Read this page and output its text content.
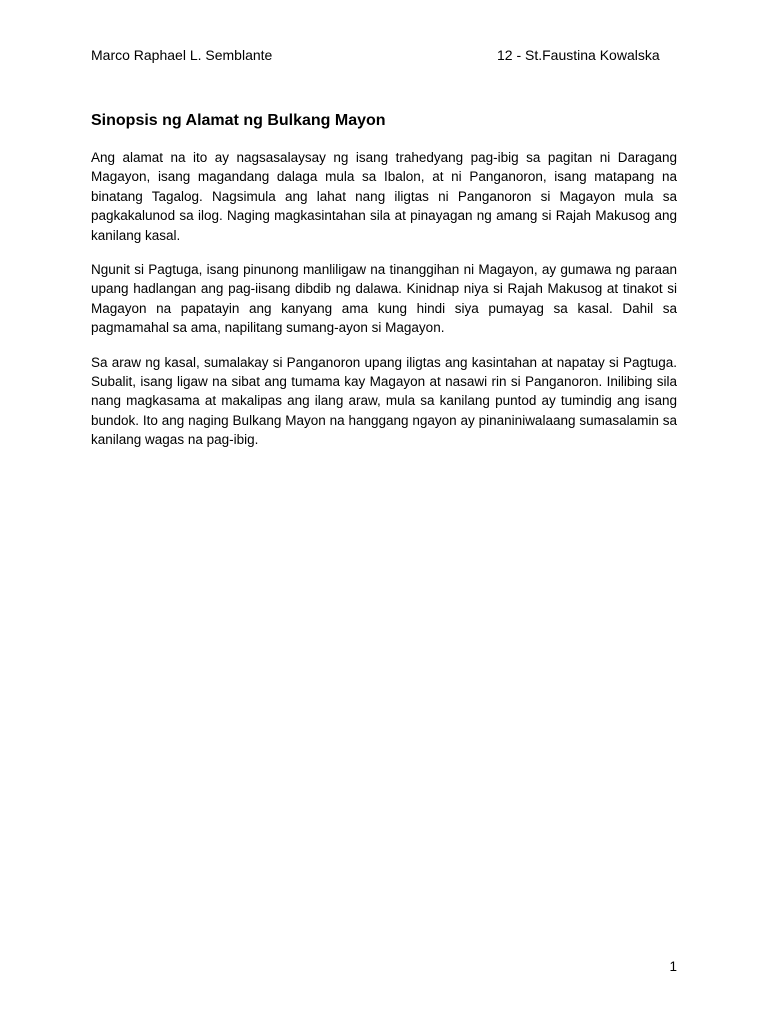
Marco Raphael L. Semblante	12 - St.Faustina Kowalska
Sinopsis ng Alamat ng Bulkang Mayon

Ang alamat na ito ay nagsasalaysay ng isang trahedyang pag-ibig sa pagitan ni Daragang Magayon, isang magandang dalaga mula sa Ibalon, at ni Panganoron, isang matapang na binatang Tagalog. Nagsimula ang lahat nang iligtas ni Panganoron si Magayon mula sa pagkakalunod sa ilog. Naging magkasintahan sila at pinayagan ng amang si Rajah Makusog ang kanilang kasal.

Ngunit si Pagtuga, isang pinunong manliligaw na tinanggihan ni Magayon, ay gumawa ng paraan upang hadlangan ang pag-iisang dibdib ng dalawa. Kinidnap niya si Rajah Makusog at tinakot si Magayon na papatayin ang kanyang ama kung hindi siya pumayag sa kasal. Dahil sa pagmamahal sa ama, napilitang sumang-ayon si Magayon.

Sa araw ng kasal, sumalakay si Panganoron upang iligtas ang kasintahan at napatay si Pagtuga. Subalit, isang ligaw na sibat ang tumama kay Magayon at nasawi rin si Panganoron. Inilibing sila nang magkasama at makalipas ang ilang araw, mula sa kanilang puntod ay tumindig ang isang bundok. Ito ang naging Bulkang Mayon na hanggang ngayon ay pinaniniwalaang sumasalamin sa kanilang wagas na pag-ibig.

1
